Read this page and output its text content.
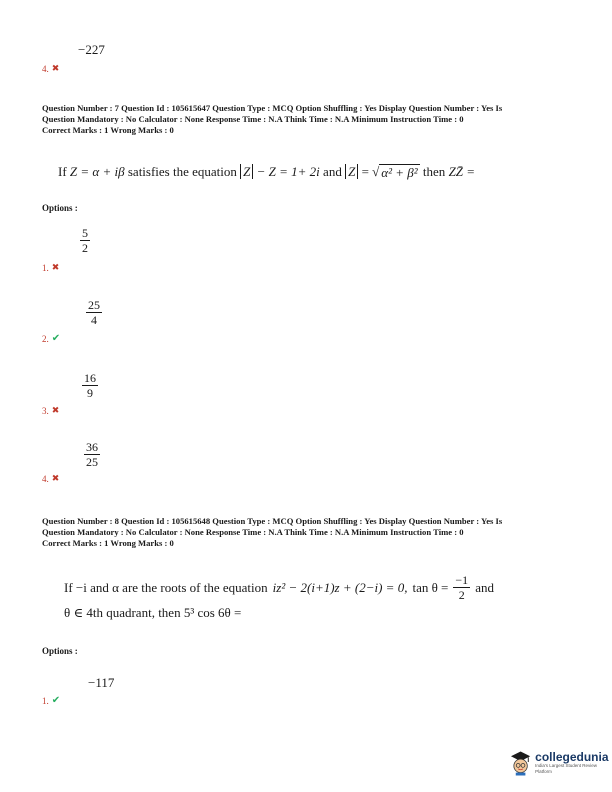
−227
4. ✖
Question Number : 7 Question Id : 105615647 Question Type : MCQ Option Shuffling : Yes Display Question Number : Yes Is
Question Mandatory : No Calculator : None Response Time : N.A Think Time : N.A Minimum Instruction Time : 0
Correct Marks : 1 Wrong Marks : 0
If Z = α + iβ satisfies the equation Z − Z = 1+ 2i and Z = √ α² + β² then ZZ̄ =
Options :
5
2
1. ✖
25
4
2. ✔
16
9
3. ✖
36
25
4. ✖
Question Number : 8 Question Id : 105615648 Question Type : MCQ Option Shuffling : Yes Display Question Number : Yes Is
Question Mandatory : No Calculator : None Response Time : N.A Think Time : N.A Minimum Instruction Time : 0
Correct Marks : 1 Wrong Marks : 0
If −i and α are the roots of the equation iz² − 2(i+1)z + (2−i) = 0, $\tan \theta = \frac{-1}{2}$ and
θ ∈ 4th quadrant, then 5³ cos 6θ =
Options :
−117
1. ✔
collegedunia
India's Largest Student Review Platform
